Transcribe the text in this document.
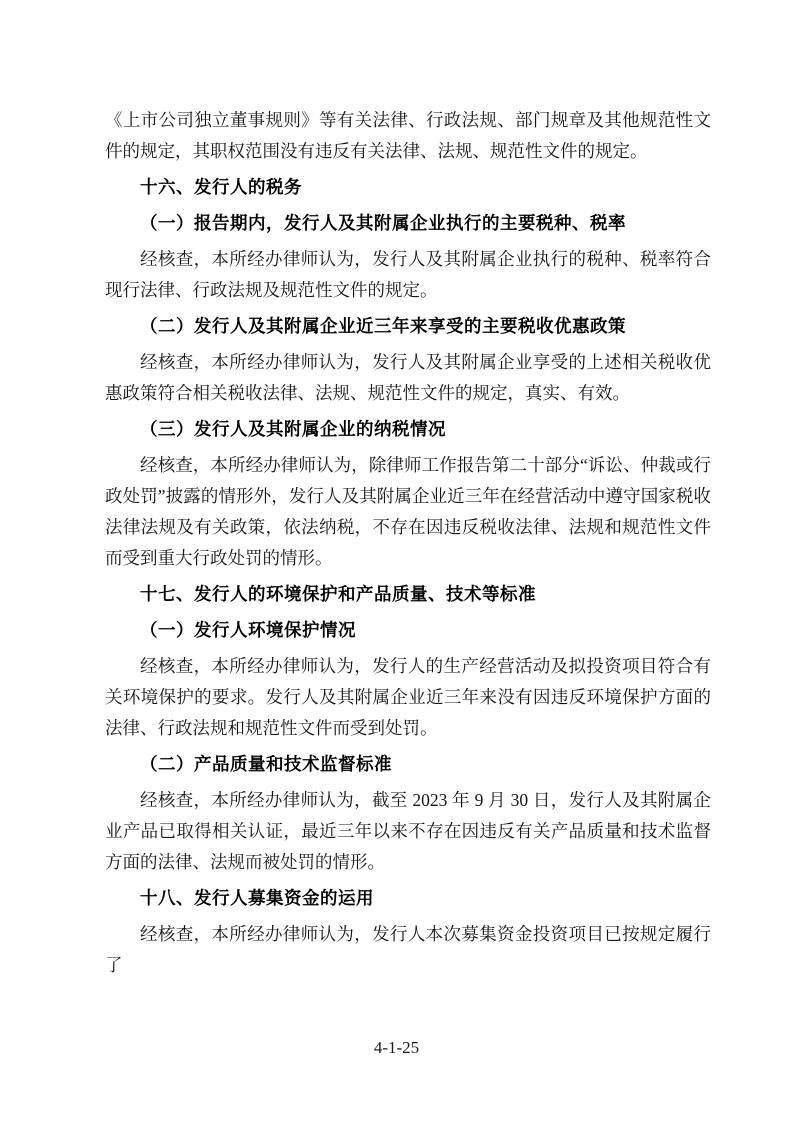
《上市公司独立董事规则》等有关法律、行政法规、部门规章及其他规范性文件的规定，其职权范围没有违反有关法律、法规、规范性文件的规定。

十六、发行人的税务

（一）报告期内，发行人及其附属企业执行的主要税种、税率

经核查，本所经办律师认为，发行人及其附属企业执行的税种、税率符合现行法律、行政法规及规范性文件的规定。

（二）发行人及其附属企业近三年来享受的主要税收优惠政策

经核查，本所经办律师认为，发行人及其附属企业享受的上述相关税收优惠政策符合相关税收法律、法规、规范性文件的规定，真实、有效。

（三）发行人及其附属企业的纳税情况

经核查，本所经办律师认为，除律师工作报告第二十部分“诉讼、仲裁或行政处罚”披露的情形外，发行人及其附属企业近三年在经营活动中遵守国家税收法律法规及有关政策，依法纳税，不存在因违反税收法律、法规和规范性文件而受到重大行政处罚的情形。

十七、发行人的环境保护和产品质量、技术等标准

（一）发行人环境保护情况

经核查，本所经办律师认为，发行人的生产经营活动及拟投资项目符合有关环境保护的要求。发行人及其附属企业近三年来没有因违反环境保护方面的法律、行政法规和规范性文件而受到处罚。

（二）产品质量和技术监督标准

经核查，本所经办律师认为，截至 2023 年 9 月 30 日，发行人及其附属企业产品已取得相关认证，最近三年以来不存在因违反有关产品质量和技术监督方面的法律、法规而被处罚的情形。

十八、发行人募集资金的运用

经核查，本所经办律师认为，发行人本次募集资金投资项目已按规定履行了

4-1-25
